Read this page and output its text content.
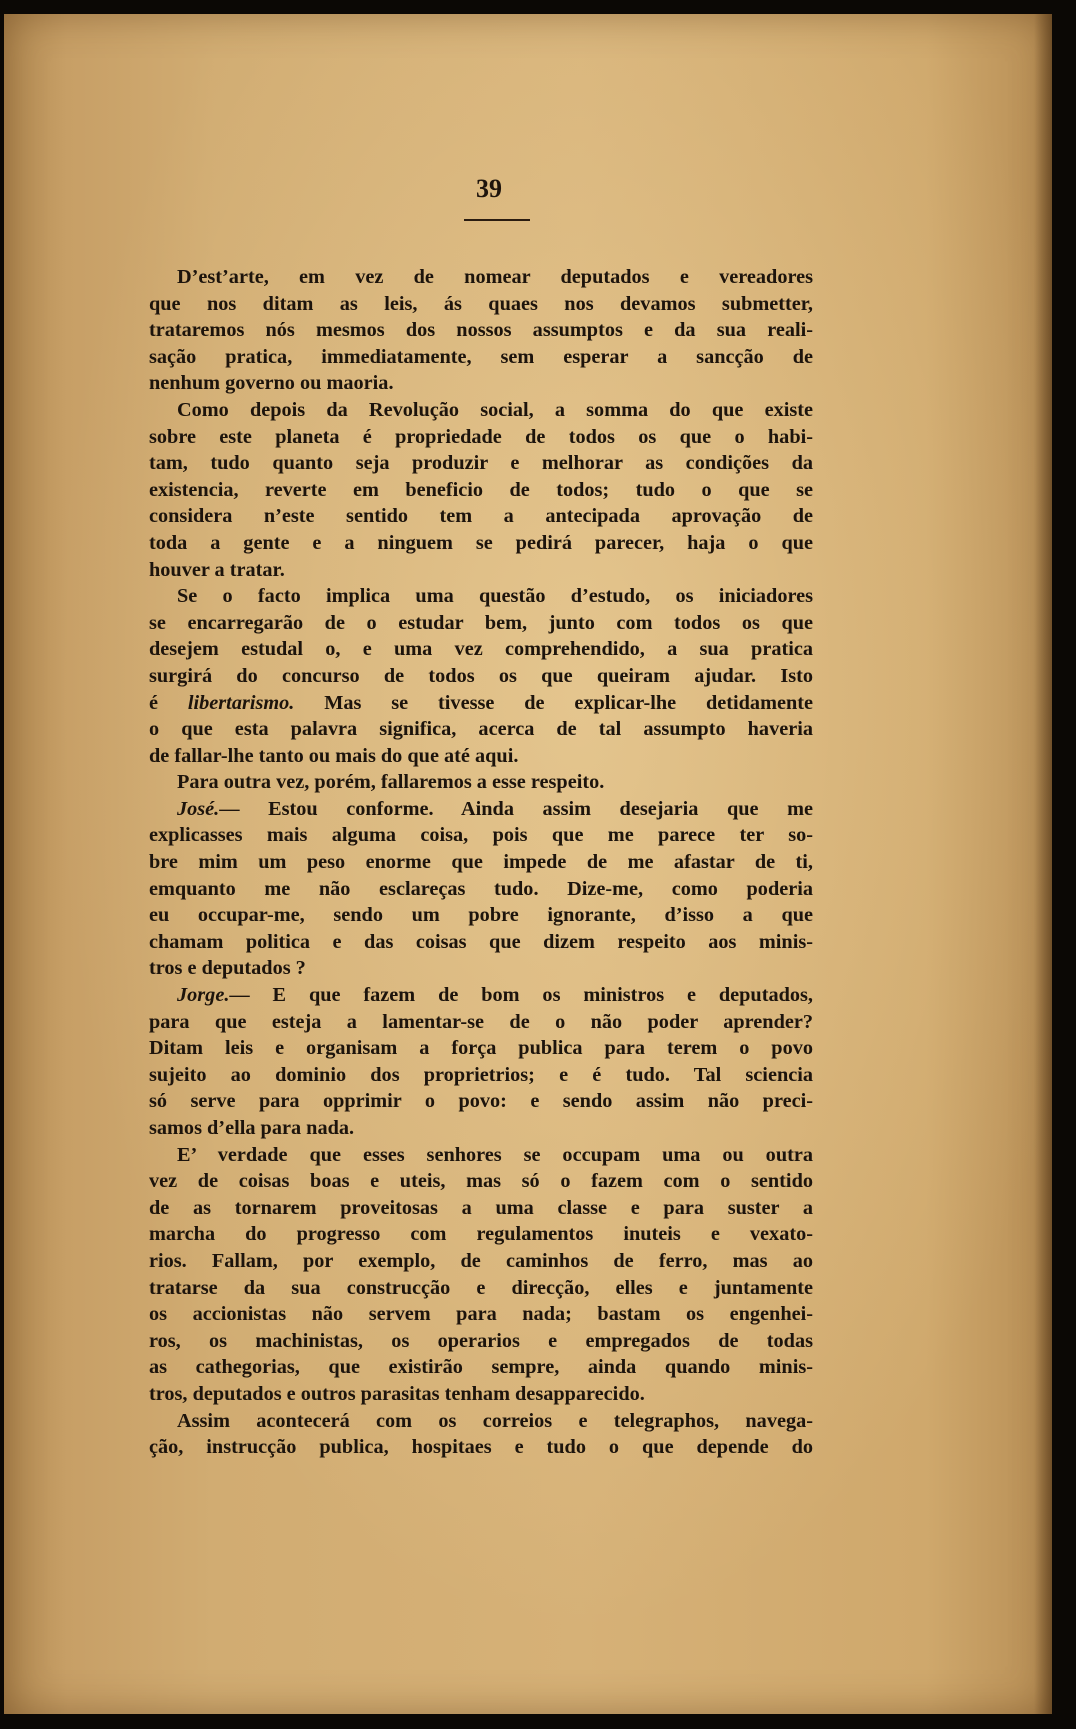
39
D’est’arte, em vez de nomear deputados e vereadores
que nos ditam as leis, ás quaes nos devamos submetter,
trataremos nós mesmos dos nossos assumptos e da sua reali-
sação pratica, immediatamente, sem esperar a sancção de
nenhum governo ou maoria.
Como depois da Revolução social, a somma do que existe
sobre este planeta é propriedade de todos os que o habi-
tam, tudo quanto seja produzir e melhorar as condições da
existencia, reverte em beneficio de todos; tudo o que se
considera n’este sentido tem a antecipada aprovação de
toda a gente e a ninguem se pedirá parecer, haja o que
houver a tratar.
Se o facto implica uma questão d’estudo, os iniciadores
se encarregarão de o estudar bem, junto com todos os que
desejem estudal o, e uma vez comprehendido, a sua pratica
surgirá do concurso de todos os que queiram ajudar. Isto
é libertarismo. Mas se tivesse de explicar-lhe detidamente
o que esta palavra significa, acerca de tal assumpto haveria
de fallar-lhe tanto ou mais do que até aqui.
Para outra vez, porém, fallaremos a esse respeito.
José.— Estou conforme. Ainda assim desejaria que me
explicasses mais alguma coisa, pois que me parece ter so-
bre mim um peso enorme que impede de me afastar de ti,
emquanto me não esclareças tudo. Dize-me, como poderia
eu occupar-me, sendo um pobre ignorante, d’isso a que
chamam politica e das coisas que dizem respeito aos minis-
tros e deputados ?
Jorge.— E que fazem de bom os ministros e deputados,
para que esteja a lamentar-se de o não poder aprender?
Ditam leis e organisam a força publica para terem o povo
sujeito ao dominio dos proprietrios; e é tudo. Tal sciencia
só serve para opprimir o povo: e sendo assim não preci-
samos d’ella para nada.
E’ verdade que esses senhores se occupam uma ou outra
vez de coisas boas e uteis, mas só o fazem com o sentido
de as tornarem proveitosas a uma classe e para suster a
marcha do progresso com regulamentos inuteis e vexato-
rios. Fallam, por exemplo, de caminhos de ferro, mas ao
tratarse da sua construcção e direcção, elles e juntamente
os accionistas não servem para nada; bastam os engenhei-
ros, os machinistas, os operarios e empregados de todas
as cathegorias, que existirão sempre, ainda quando minis-
tros, deputados e outros parasitas tenham desapparecido.
Assim acontecerá com os correios e telegraphos, navega-
ção, instrucção publica, hospitaes e tudo o que depende do
